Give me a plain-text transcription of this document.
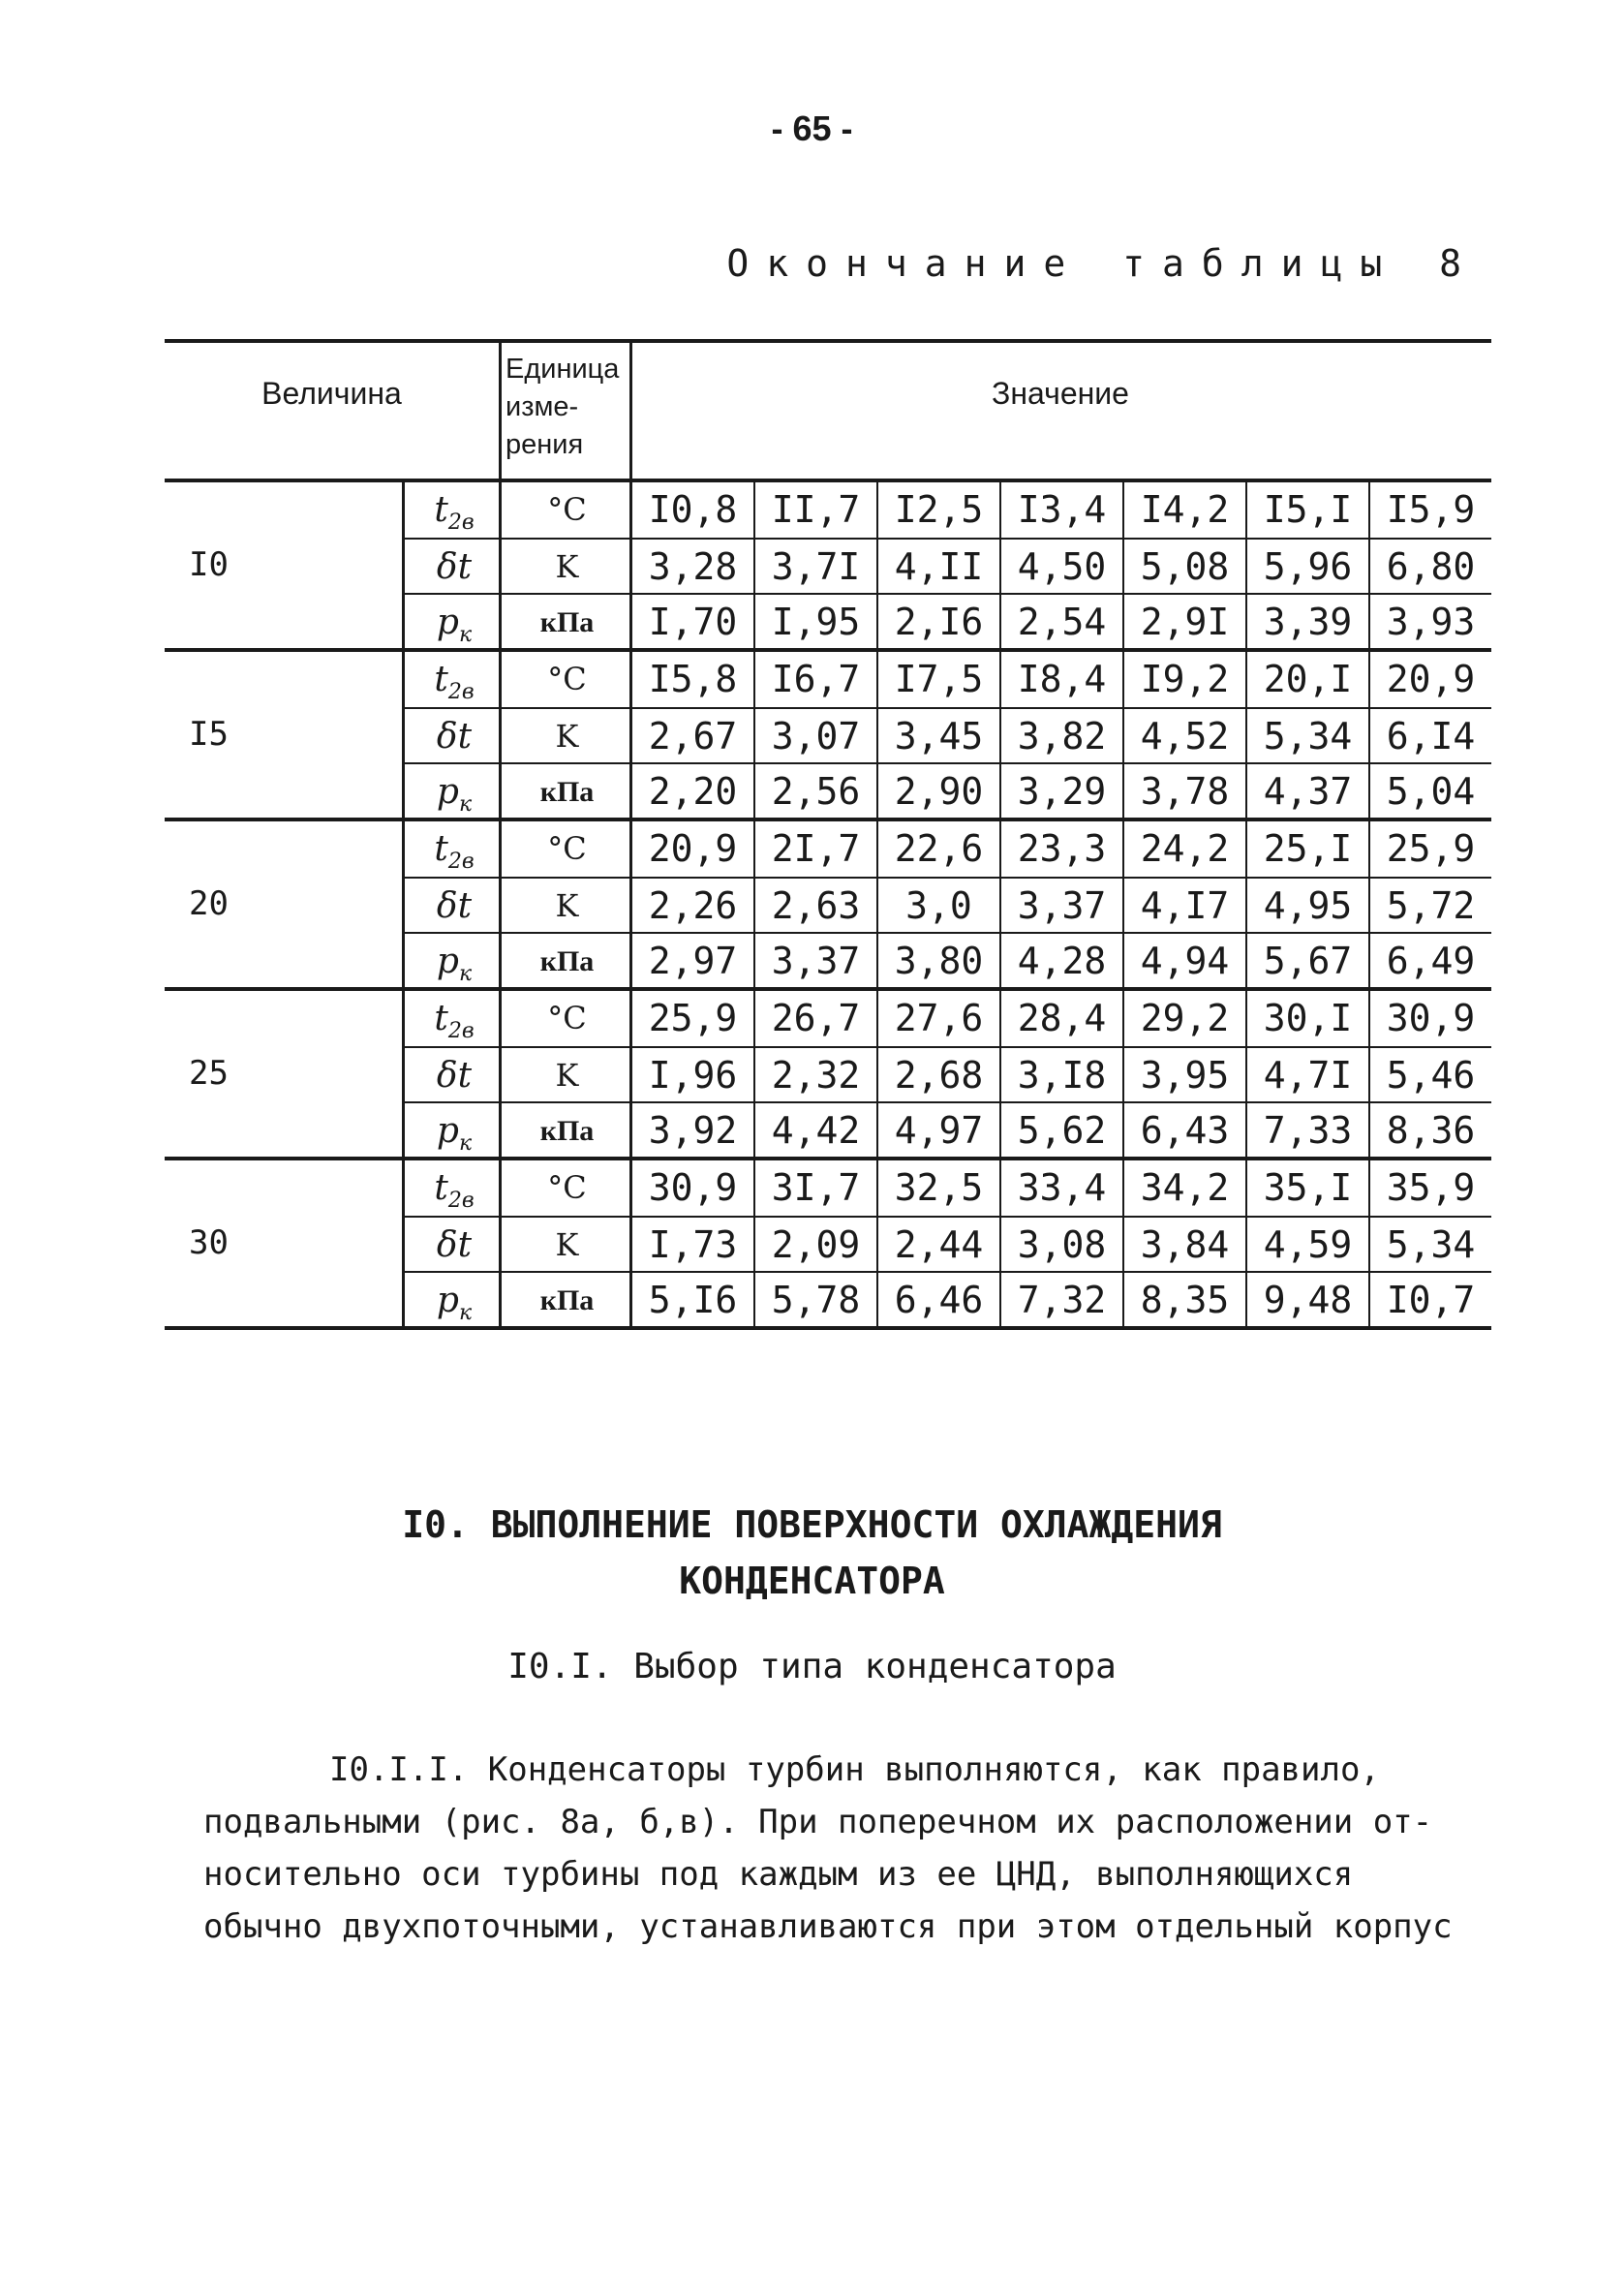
- 65 -
Окончание таблицы 8
Величина
Единица
изме-
рения
Значение
I0
$t_{2в}$	°C	I0,8 II,7 I2,5 I3,4 I4,2 I5,I I5,9
δt	K	3,28 3,7I 4,II 4,50 5,08 5,96 6,80
$p_к$	кПа	I,70 I,95 2,I6 2,54 2,9I 3,39 3,93
I5
$t_{2в}$	°C	I5,8 I6,7 I7,5 I8,4 I9,2 20,I 20,9
δt	K	2,67 3,07 3,45 3,82 4,52 5,34 6,I4
$p_к$	кПа	2,20 2,56 2,90 3,29 3,78 4,37 5,04
20
$t_{2в}$	°C	20,9 2I,7 22,6 23,3 24,2 25,I 25,9
δt	K	2,26 2,63	3,0	3,37 4,I7 4,95 5,72
$p_к$	кПа	2,97 3,37 3,80 4,28 4,94 5,67 6,49
25
$t_{2в}$	°C	25,9 26,7 27,6 28,4 29,2 30,I 30,9
δt	K	I,96 2,32 2,68 3,I8 3,95 4,7I 5,46
$p_к$	кПа	3,92 4,42 4,97 5,62 6,43 7,33 8,36
30
$t_{2в}$	°C	30,9 3I,7 32,5 33,4 34,2 35,I 35,9
δt	K	I,73 2,09 2,44 3,08 3,84 4,59 5,34
$p_к$	кПа	5,I6 5,78 6,46 7,32 8,35 9,48 I0,7
I0. ВЫПОЛНЕНИЕ ПОВЕРХНОСТИ ОХЛАЖДЕНИЯ
КОНДЕНСАТОРА
I0.I. Выбор типа конденсатора
I0.I.I. Конденсаторы турбин выполняются, как правило,
подвальными (рис. 8а, б,в). При поперечном их расположении от-
носительно оси турбины под каждым из ее ЦНД, выполняющихся
обычно двухпоточными, устанавливаются при этом отдельный корпус
